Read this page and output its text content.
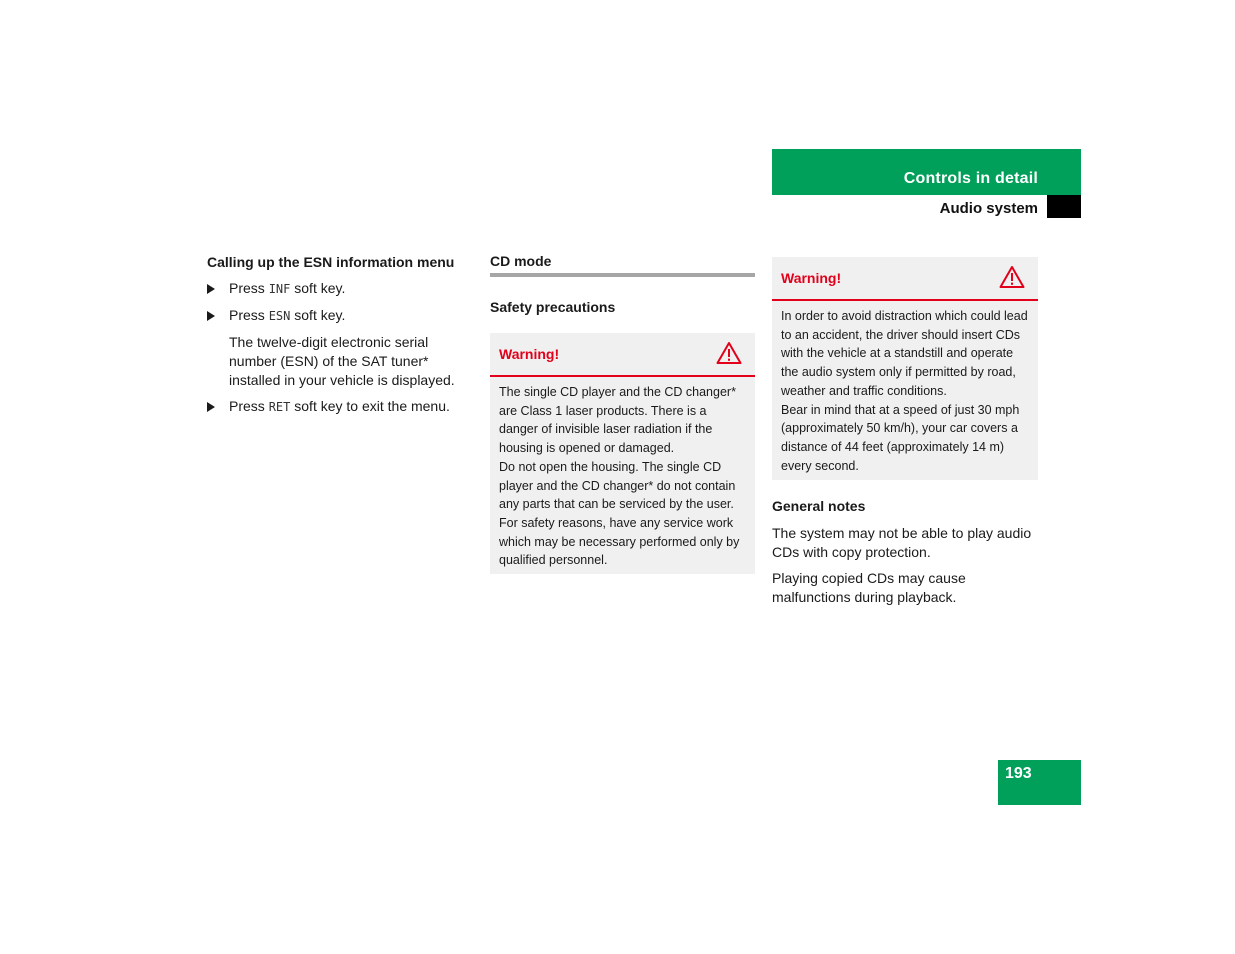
Controls in detail
Audio system
Calling up the ESN information menu
Press INF soft key.
Press ESN soft key.
The twelve-digit electronic serial number (ESN) of the SAT tuner* installed in your vehicle is displayed.
Press RET soft key to exit the menu.
CD mode
Safety precautions
Warning!
The single CD player and the CD changer* are Class 1 laser products. There is a danger of invisible laser radiation if the housing is opened or damaged.
Do not open the housing. The single CD player and the CD changer* do not contain any parts that can be serviced by the user. For safety reasons, have any service work which may be necessary performed only by qualified personnel.
Warning!
In order to avoid distraction which could lead to an accident, the driver should insert CDs with the vehicle at a standstill and operate the audio system only if permitted by road, weather and traffic conditions.
Bear in mind that at a speed of just 30 mph (approximately 50 km/h), your car covers a distance of 44 feet (approximately 14 m) every second.
General notes
The system may not be able to play audio CDs with copy protection.
Playing copied CDs may cause malfunctions during playback.
193
